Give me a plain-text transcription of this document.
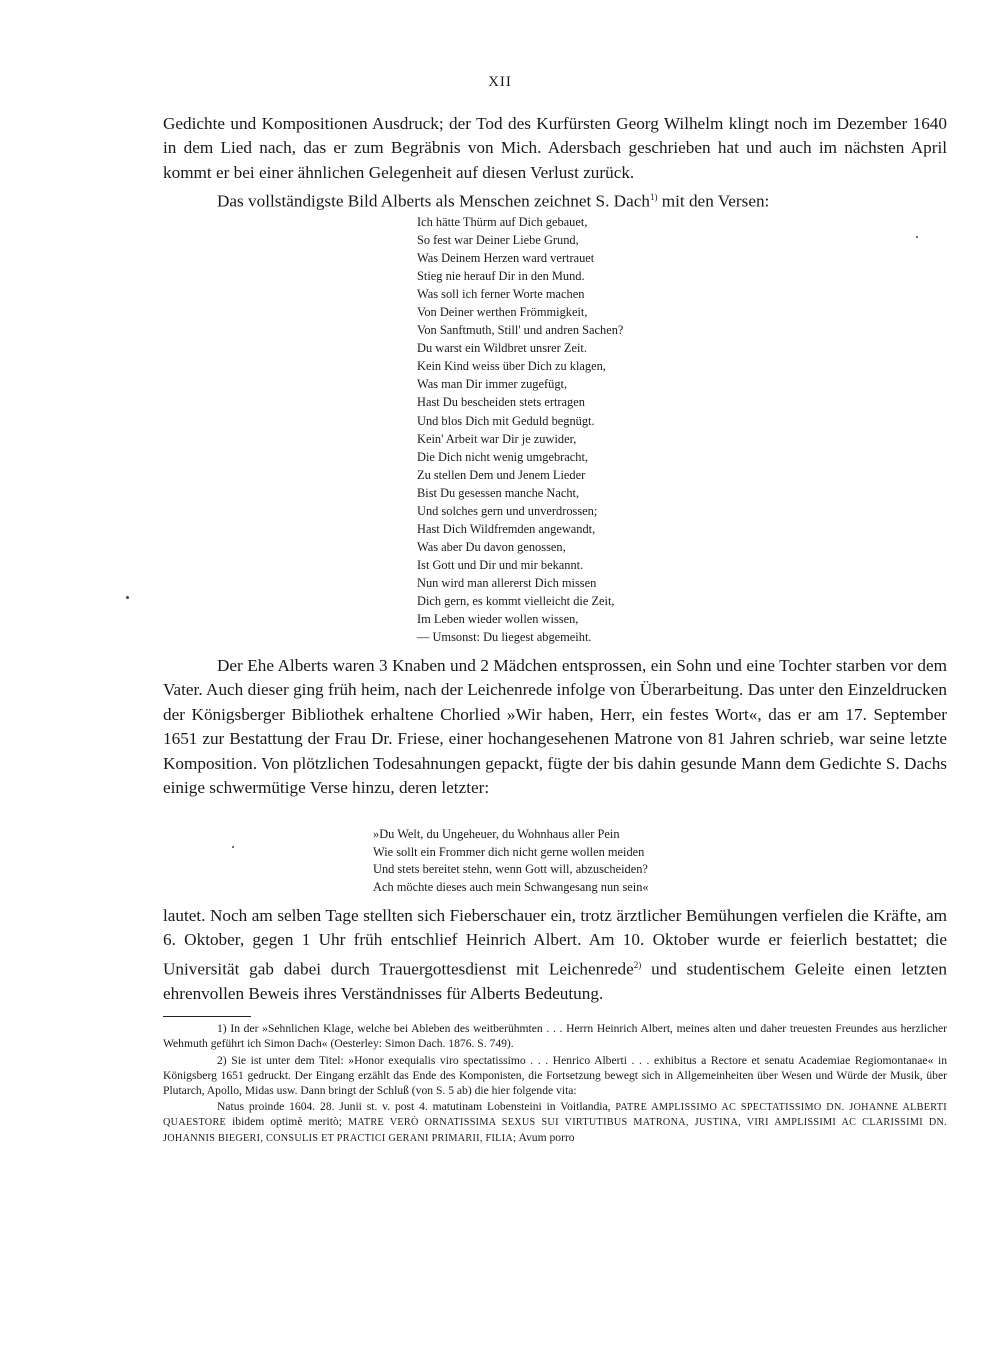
XII

Gedichte und Kompositionen Ausdruck; der Tod des Kurfürsten Georg Wilhelm klingt noch im Dezember 1640 in dem Lied nach, das er zum Begräbnis von Mich. Adersbach geschrieben hat und auch im nächsten April kommt er bei einer ähnlichen Gelegenheit auf diesen Verlust zurück.

Das vollständigste Bild Alberts als Menschen zeichnet S. Dach$^{1)}$ mit den Versen:

Ich hätte Thürm auf Dich gebauet,
So fest war Deiner Liebe Grund,
Was Deinem Herzen ward vertrauet
Stieg nie herauf Dir in den Mund.
Was soll ich ferner Worte machen
Von Deiner werthen Frömmigkeit,
Von Sanftmuth, Still' und andren Sachen?
Du warst ein Wildbret unsrer Zeit.
Kein Kind weiss über Dich zu klagen,
Was man Dir immer zugefügt,
Hast Du bescheiden stets ertragen
Und blos Dich mit Geduld begnügt.
Kein' Arbeit war Dir je zuwider,
Die Dich nicht wenig umgebracht,
Zu stellen Dem und Jenem Lieder
Bist Du gesessen manche Nacht,
Und solches gern und unverdrossen;
Hast Dich Wildfremden angewandt,
Was aber Du davon genossen,
Ist Gott und Dir und mir bekannt.
Nun wird man allererst Dich missen
Dich gern, es kommt vielleicht die Zeit,
Im Leben wieder wollen wissen,
— Umsonst: Du liegest abgemeiht.

Der Ehe Alberts waren 3 Knaben und 2 Mädchen entsprossen, ein Sohn und eine Tochter starben vor dem Vater. Auch dieser ging früh heim, nach der Leichenrede infolge von Überarbeitung. Das unter den Einzeldrucken der Königsberger Bibliothek erhaltene Chorlied »Wir haben, Herr, ein festes Wort«, das er am 17. September 1651 zur Bestattung der Frau Dr. Friese, einer hochangesehenen Matrone von 81 Jahren schrieb, war seine letzte Komposition. Von plötzlichen Todesahnungen gepackt, fügte der bis dahin gesunde Mann dem Gedichte S. Dachs einige schwermütige Verse hinzu, deren letzter:

»Du Welt, du Ungeheuer, du Wohnhaus aller Pein
Wie sollt ein Frommer dich nicht gerne wollen meiden
Und stets bereitet stehn, wenn Gott will, abzuscheiden?
Ach möchte dieses auch mein Schwangesang nun sein«

lautet. Noch am selben Tage stellten sich Fieberschauer ein, trotz ärztlicher Bemühungen verfielen die Kräfte, am 6. Oktober, gegen 1 Uhr früh entschlief Heinrich Albert. Am 10. Oktober wurde er feierlich bestattet; die Universität gab dabei durch Trauergottesdienst mit Leichenrede$^{2)}$ und studentischem Geleite einen letzten ehrenvollen Beweis ihres Verständnisses für Alberts Bedeutung.

1) In der »Sehnlichen Klage, welche bei Ableben des weitberühmten . . . Herrn Heinrich Albert, meines alten und daher treuesten Freundes aus herzlicher Wehmuth geführt ich Simon Dach« (Oesterley: Simon Dach. 1876. S. 749).

2) Sie ist unter dem Titel: »Honor exequialis viro spectatissimo . . . Henrico Alberti . . . exhibitus a Rectore et senatu Academiae Regiomontanae« in Königsberg 1651 gedruckt. Der Eingang erzählt das Ende des Komponisten, die Fortsetzung bewegt sich in Allgemeinheiten über Wesen und Würde der Musik, über Plutarch, Apollo, Midas usw. Dann bringt der Schluß (von S. 5 ab) die hier folgende vita:

Natus proinde 1604. 28. Junii st. v. post 4. matutinam Lobensteini in Voitlandia, PATRE AMPLISSIMO AC SPECTATISSIMO DN. JOHANNE ALBERTI QUAESTORE ibidem optimè meritò; MATRE VERÒ ORNATISSIMA SEXUS SUI VIRTUTIBUS MATRONA, JUSTINA, VIRI AMPLISSIMI AC CLARISSIMI DN. JOHANNIS BIEGERI, CONSULIS ET PRACTICI GERANI PRIMARII, FILIA; Avum porro
